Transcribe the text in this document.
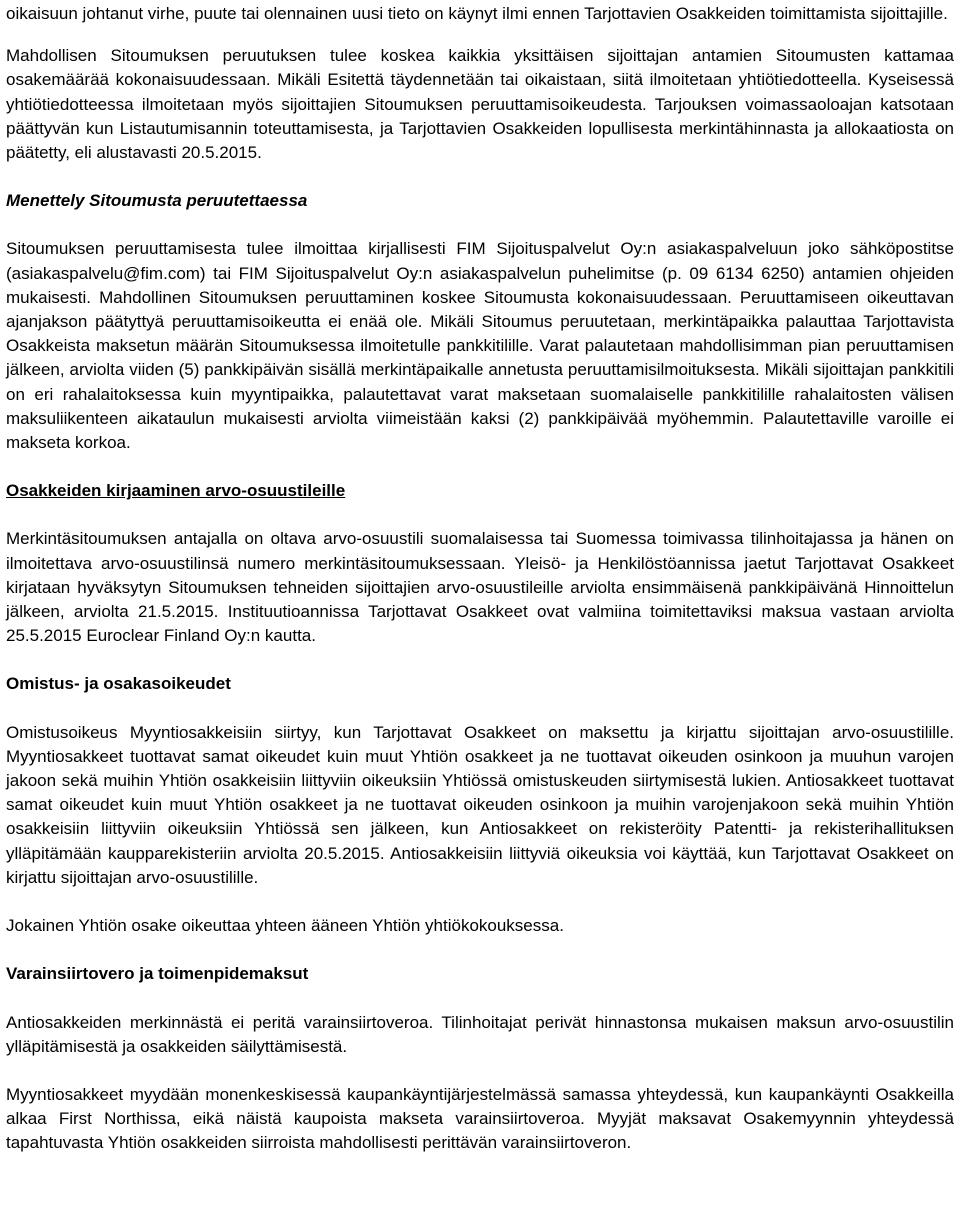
oikaisuun johtanut virhe, puute tai olennainen uusi tieto on käynyt ilmi ennen Tarjottavien Osakkeiden toimittamista sijoittajille.

Mahdollisen Sitoumuksen peruutuksen tulee koskea kaikkia yksittäisen sijoittajan antamien Sitoumusten kattamaa osakemäärää kokonaisuudessaan. Mikäli Esitettä täydennetään tai oikaistaan, siitä ilmoitetaan yhtiötiedotteella. Kyseisessä yhtiötiedotteessa ilmoitetaan myös sijoittajien Sitoumuksen peruuttamisoikeudesta. Tarjouksen voimassaoloajan katsotaan päättyvän kun Listautumisannin toteuttamisesta, ja Tarjottavien Osakkeiden lopullisesta merkintähinnasta ja allokaatiosta on päätetty, eli alustavasti 20.5.2015.

Menettely Sitoumusta peruutettaessa

Sitoumuksen peruuttamisesta tulee ilmoittaa kirjallisesti FIM Sijoituspalvelut Oy:n asiakaspalveluun joko sähköpostitse (asiakaspalvelu@fim.com) tai FIM Sijoituspalvelut Oy:n asiakaspalvelun puhelimitse (p. 09 6134 6250) antamien ohjeiden mukaisesti. Mahdollinen Sitoumuksen peruuttaminen koskee Sitoumusta kokonaisuudessaan. Peruuttamiseen oikeuttavan ajanjakson päätyttyä peruuttamisoikeutta ei enää ole. Mikäli Sitoumus peruutetaan, merkintäpaikka palauttaa Tarjottavista Osakkeista maksetun määrän Sitoumuksessa ilmoitetulle pankkitilille. Varat palautetaan mahdollisimman pian peruuttamisen jälkeen, arviolta viiden (5) pankkipäivän sisällä merkintäpaikalle annetusta peruuttamisilmoituksesta. Mikäli sijoittajan pankkitili on eri rahalaitoksessa kuin myyntipaikka, palautettavat varat maksetaan suomalaiselle pankkitilille rahalaitosten välisen maksuliikenteen aikataulun mukaisesti arviolta viimeistään kaksi (2) pankkipäivää myöhemmin. Palautettaville varoille ei makseta korkoa.

Osakkeiden kirjaaminen arvo-osuustileille

Merkintäsitoumuksen antajalla on oltava arvo-osuustili suomalaisessa tai Suomessa toimivassa tilinhoitajassa ja hänen on ilmoitettava arvo-osuustilinsä numero merkintäsitoumuksessaan. Yleisö- ja Henkilöstöannissa jaetut Tarjottavat Osakkeet kirjataan hyväksytyn Sitoumuksen tehneiden sijoittajien arvo-osuustileille arviolta ensimmäisenä pankkipäivänä Hinnoittelun jälkeen, arviolta 21.5.2015. Instituutioannissa Tarjottavat Osakkeet ovat valmiina toimitettaviksi maksua vastaan arviolta 25.5.2015 Euroclear Finland Oy:n kautta.

Omistus- ja osakasoikeudet

Omistusoikeus Myyntiosakkeisiin siirtyy, kun Tarjottavat Osakkeet on maksettu ja kirjattu sijoittajan arvo-osuustilille. Myyntiosakkeet tuottavat samat oikeudet kuin muut Yhtiön osakkeet ja ne tuottavat oikeuden osinkoon ja muuhun varojen jakoon sekä muihin Yhtiön osakkeisiin liittyviin oikeuksiin Yhtiössä omistuskeuden siirtymisestä lukien. Antiosakkeet tuottavat samat oikeudet kuin muut Yhtiön osakkeet ja ne tuottavat oikeuden osinkoon ja muihin varojenjakoon sekä muihin Yhtiön osakkeisiin liittyviin oikeuksiin Yhtiössä sen jälkeen, kun Antiosakkeet on rekisteröity Patentti- ja rekisterihallituksen ylläpitämään kaupparekisteriin arviolta 20.5.2015. Antiosakkeisiin liittyviä oikeuksia voi käyttää, kun Tarjottavat Osakkeet on kirjattu sijoittajan arvo-osuustilille.

Jokainen Yhtiön osake oikeuttaa yhteen ääneen Yhtiön yhtiökokouksessa.

Varainsiirtovero ja toimenpidemaksut

Antiosakkeiden merkinnästä ei peritä varainsiirtoveroa. Tilinhoitajat perivät hinnastonsa mukaisen maksun arvo-osuustilin ylläpitämisestä ja osakkeiden säilyttämisestä.

Myyntiosakkeet myydään monenkeskisessä kaupankäyntijärjestelmässä samassa yhteydessä, kun kaupankäynti Osakkeilla alkaa First Northissa, eikä näistä kaupoista makseta varainsiirtoveroa. Myyjät maksavat Osakemyynnin yhteydessä tapahtuvasta Yhtiön osakkeiden siirroista mahdollisesti perittävän varainsiirtoveron.
